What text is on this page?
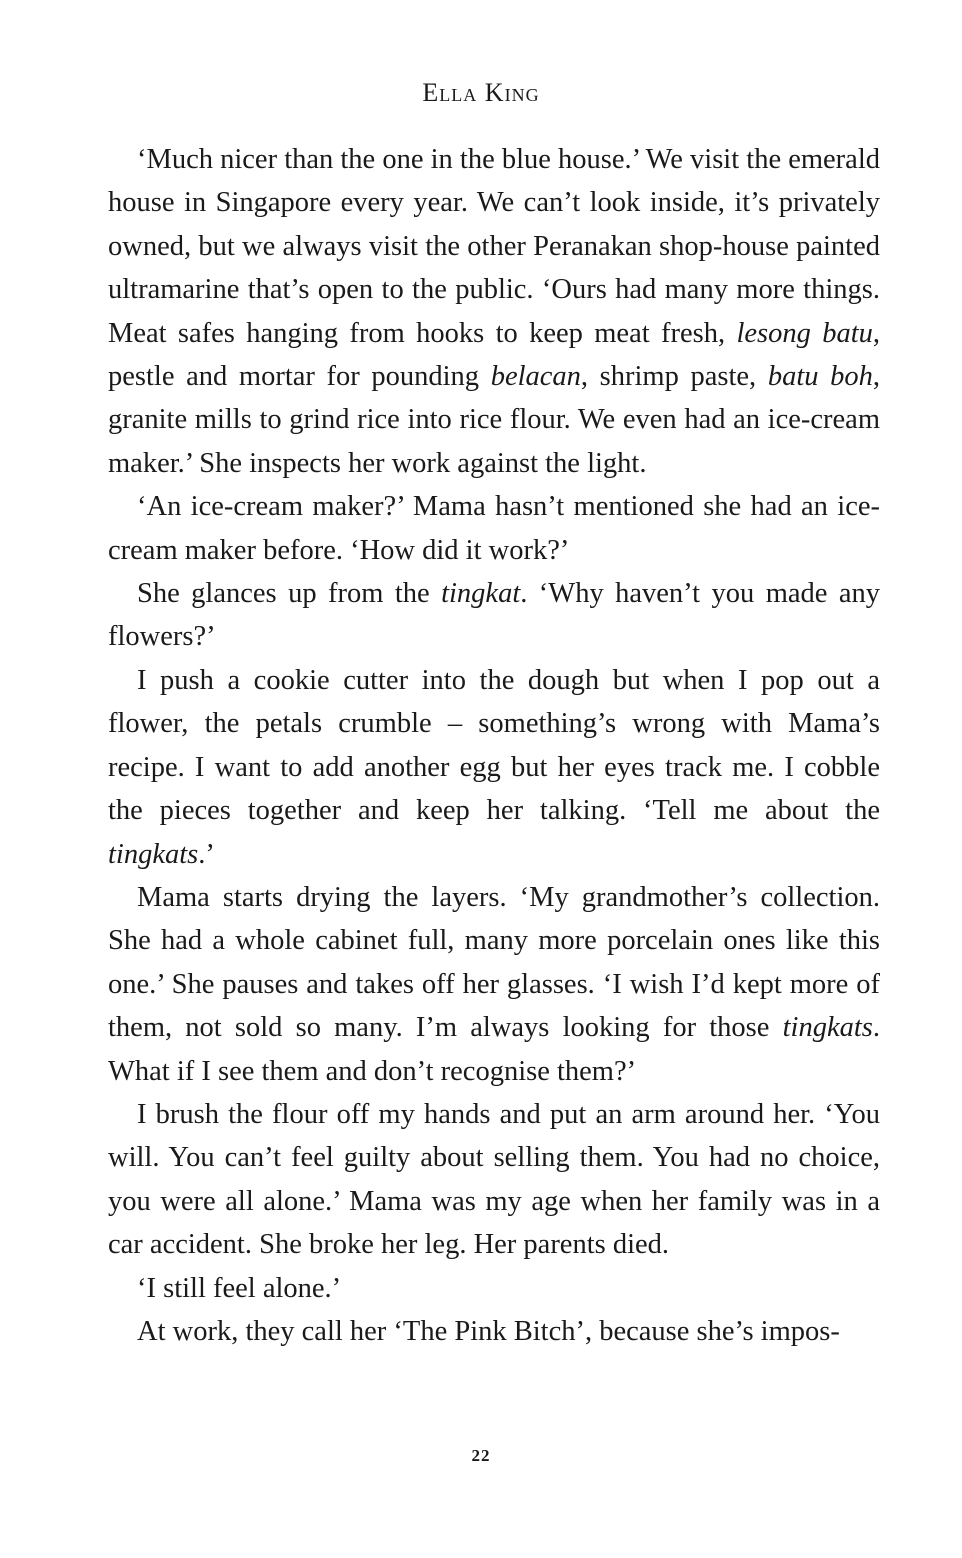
Ella King

‘Much nicer than the one in the blue house.’ We visit the emerald house in Singapore every year. We can’t look inside, it’s privately owned, but we always visit the other Peranakan shop-house painted ultramarine that’s open to the public. ‘Ours had many more things. Meat safes hanging from hooks to keep meat fresh, lesong batu, pestle and mortar for pounding belacan, shrimp paste, batu boh, granite mills to grind rice into rice flour. We even had an ice-cream maker.’ She inspects her work against the light.

‘An ice-cream maker?’ Mama hasn’t mentioned she had an ice-cream maker before. ‘How did it work?’

She glances up from the tingkat. ‘Why haven’t you made any flowers?’

I push a cookie cutter into the dough but when I pop out a flower, the petals crumble – something’s wrong with Mama’s recipe. I want to add another egg but her eyes track me. I cobble the pieces together and keep her talking. ‘Tell me about the tingkats.’

Mama starts drying the layers. ‘My grandmother’s collection. She had a whole cabinet full, many more porcelain ones like this one.’ She pauses and takes off her glasses. ‘I wish I’d kept more of them, not sold so many. I’m always looking for those tingkats. What if I see them and don’t recognise them?’

I brush the flour off my hands and put an arm around her. ‘You will. You can’t feel guilty about selling them. You had no choice, you were all alone.’ Mama was my age when her family was in a car accident. She broke her leg. Her parents died.

‘I still feel alone.’

At work, they call her ‘The Pink Bitch’, because she’s impos-

22
